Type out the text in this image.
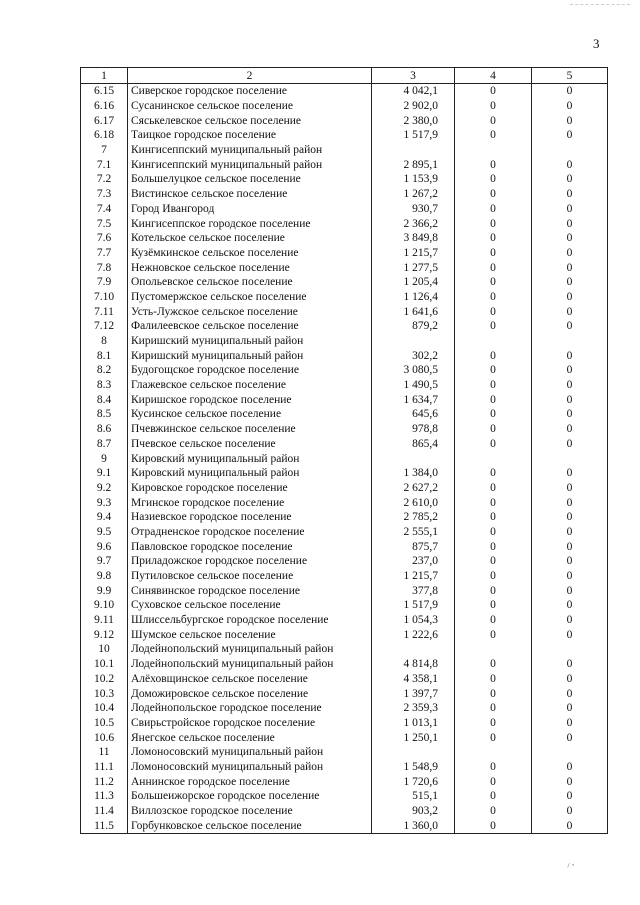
3
1	2	3	4	5
6.15	Сиверское городское поселение	4 042,1	0	0
6.16	Сусанинское сельское поселение	2 902,0	0	0
6.17	Сяськелевское сельское поселение	2 380,0	0	0
6.18	Таицкое городское поселение	1 517,9	0	0
7	Кингисеппский муниципальный район			
7.1	Кингисеппский муниципальный район	2 895,1	0	0
7.2	Большелуцкое сельское поселение	1 153,9	0	0
7.3	Вистинское сельское поселение	1 267,2	0	0
7.4	Город Ивангород	930,7	0	0
7.5	Кингисеппское городское поселение	2 366,2	0	0
7.6	Котельское сельское поселение	3 849,8	0	0
7.7	Кузёмкинское сельское поселение	1 215,7	0	0
7.8	Нежновское сельское поселение	1 277,5	0	0
7.9	Опольевское сельское поселение	1 205,4	0	0
7.10	Пустомержское сельское поселение	1 126,4	0	0
7.11	Усть-Лужское сельское поселение	1 641,6	0	0
7.12	Фалилеевское сельское поселение	879,2	0	0
8	Киришский муниципальный район			
8.1	Киришский муниципальный район	302,2	0	0
8.2	Будогощское городское поселение	3 080,5	0	0
8.3	Глажевское сельское поселение	1 490,5	0	0
8.4	Киришское городское поселение	1 634,7	0	0
8.5	Кусинское сельское поселение	645,6	0	0
8.6	Пчевжинское сельское поселение	978,8	0	0
8.7	Пчевское сельское поселение	865,4	0	0
9	Кировский муниципальный район			
9.1	Кировский муниципальный район	1 384,0	0	0
9.2	Кировское городское поселение	2 627,2	0	0
9.3	Мгинское городское поселение	2 610,0	0	0
9.4	Назиевское городское поселение	2 785,2	0	0
9.5	Отрадненское городское поселение	2 555,1	0	0
9.6	Павловское городское поселение	875,7	0	0
9.7	Приладожское городское поселение	237,0	0	0
9.8	Путиловское сельское поселение	1 215,7	0	0
9.9	Синявинское городское поселение	377,8	0	0
9.10	Суховское сельское поселение	1 517,9	0	0
9.11	Шлиссельбургское городское поселение	1 054,3	0	0
9.12	Шумское сельское поселение	1 222,6	0	0
10	Лодейнопольский муниципальный район			
10.1	Лодейнопольский муниципальный район	4 814,8	0	0
10.2	Алёховщинское сельское поселение	4 358,1	0	0
10.3	Доможировское сельское поселение	1 397,7	0	0
10.4	Лодейнопольское городское поселение	2 359,3	0	0
10.5	Свирьстройское городское поселение	1 013,1	0	0
10.6	Янегское сельское поселение	1 250,1	0	0
11	Ломоносовский муниципальный район			
11.1	Ломоносовский муниципальный район	1 548,9	0	0
11.2	Аннинское городское поселение	1 720,6	0	0
11.3	Большеижорское городское поселение	515,1	0	0
11.4	Виллозское городское поселение	903,2	0	0
11.5	Горбунковское сельское поселение	1 360,0	0	0
⸝‚
